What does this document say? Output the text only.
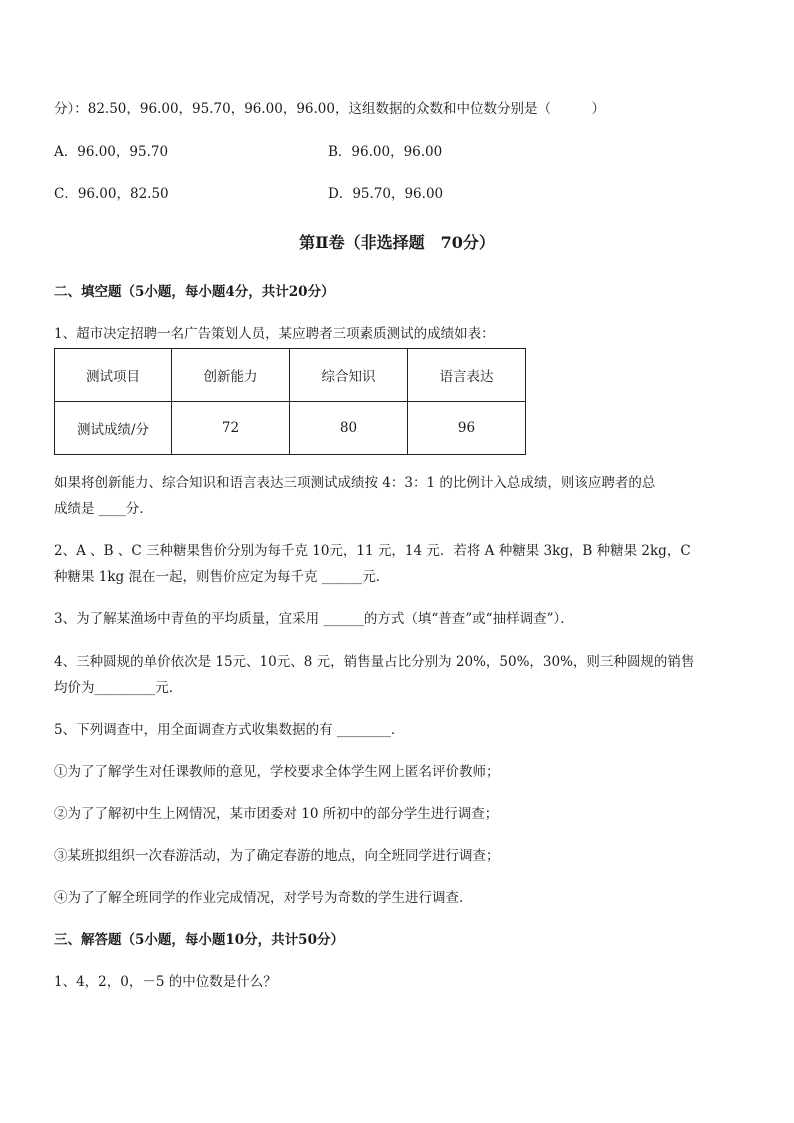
分）：82.50，96.00，95.70，96.00，96.00，这组数据的众数和中位数分别是（　　　）
A．96.00，95.70	B．96.00，96.00
C．96.00，82.50	D．95.70，96.00
第Ⅱ卷（非选择题　70分）
二、填空题（5小题，每小题4分，共计20分）
1、超市决定招聘一名广告策划人员，某应聘者三项素质测试的成绩如表：
测试项目	创新能力	综合知识	语言表达
测试成绩/分	72	80	96
如果将创新能力、综合知识和语言表达三项测试成绩按 4：3：1 的比例计入总成绩，则该应聘者的总
成绩是 ____分．
2、A 、B 、C 三种糖果售价分别为每千克 10元，11 元，14 元．若将 A 种糖果 3kg，B 种糖果 2kg，C
种糖果 1kg 混在一起，则售价应定为每千克 ______元．
3、为了解某渔场中青鱼的平均质量，宜采用 ______的方式（填“普查”或“抽样调查”）．
4、三种圆规的单价依次是 15元、10元、8 元，销售量占比分别为 20%，50%，30%，则三种圆规的销售
均价为_________元．
5、下列调查中，用全面调查方式收集数据的有 ________．
①为了了解学生对任课教师的意见，学校要求全体学生网上匿名评价教师；
②为了了解初中生上网情况，某市团委对 10 所初中的部分学生进行调查；
③某班拟组织一次春游活动，为了确定春游的地点，向全班同学进行调查；
④为了了解全班同学的作业完成情况，对学号为奇数的学生进行调查．
三、解答题（5小题，每小题10分，共计50分）
1、4，2，0，－5 的中位数是什么？
